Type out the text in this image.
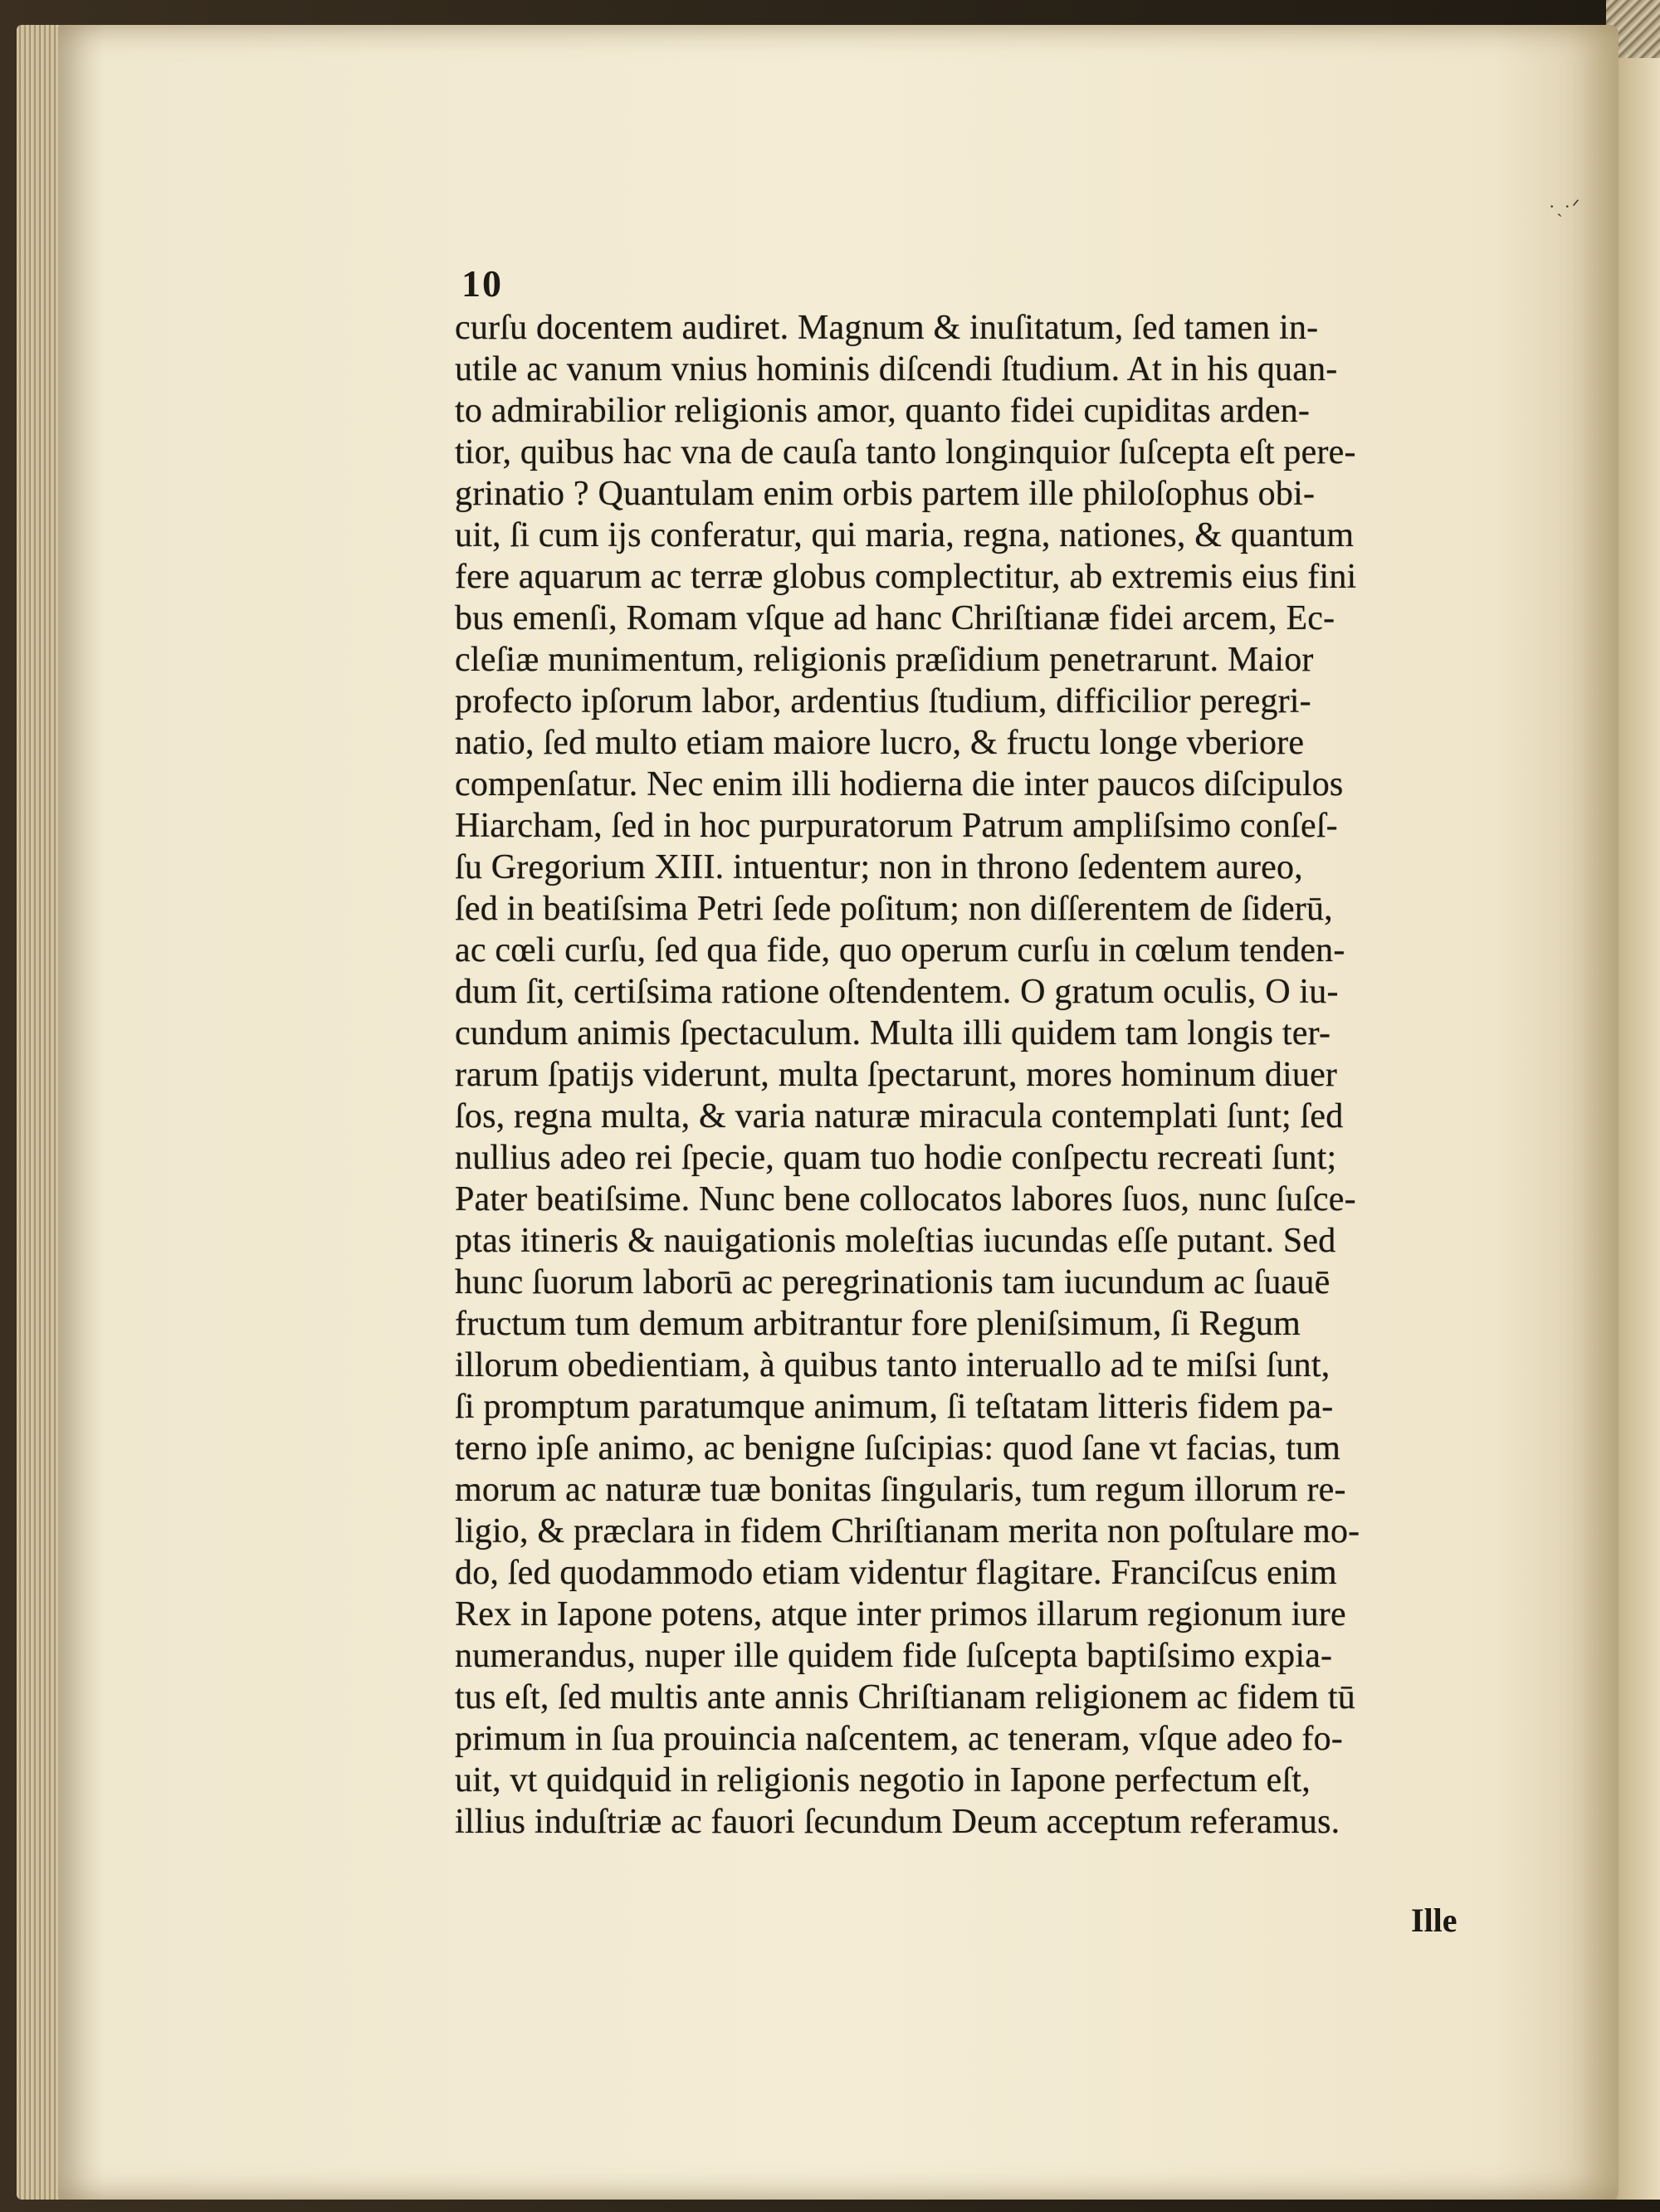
·ˏ·ᐟ
10
curſu docentem audiret. Magnum & inuſitatum, ſed tamen in-
utile ac vanum vnius hominis diſcendi ſtudium. At in his quan-
to admirabilior religionis amor, quanto fidei cupiditas arden-
tior, quibus hac vna de cauſa tanto longinquior ſuſcepta eſt pere-
grinatio ? Quantulam enim orbis partem ille philoſophus obi-
uit, ſi cum ijs conferatur, qui maria, regna, nationes, & quantum
fere aquarum ac terræ globus complectitur, ab extremis eius fini
bus emenſi, Romam vſque ad hanc Chriſtianæ fidei arcem, Ec-
cleſiæ munimentum, religionis præſidium penetrarunt. Maior
profecto ipſorum labor, ardentius ſtudium, difficilior peregri-
natio, ſed multo etiam maiore lucro, & fructu longe vberiore
compenſatur. Nec enim illi hodierna die inter paucos diſcipulos
Hiarcham, ſed in hoc purpuratorum Patrum ampliſsimo conſeſ-
ſu Gregorium XIII. intuentur; non in throno ſedentem aureo,
ſed in beatiſsima Petri ſede poſitum; non diſſerentem de ſiderū,
ac cœli curſu, ſed qua fide, quo operum curſu in cœlum tenden-
dum ſit, certiſsima ratione oſtendentem. O gratum oculis, O iu-
cundum animis ſpectaculum. Multa illi quidem tam longis ter-
rarum ſpatijs viderunt, multa ſpectarunt, mores hominum diuer
ſos, regna multa, & varia naturæ miracula contemplati ſunt; ſed
nullius adeo rei ſpecie, quam tuo hodie conſpectu recreati ſunt;
Pater beatiſsime. Nunc bene collocatos labores ſuos, nunc ſuſce-
ptas itineris & nauigationis moleſtias iucundas eſſe putant. Sed
hunc ſuorum laborū ac peregrinationis tam iucundum ac ſuauē
fructum tum demum arbitrantur fore pleniſsimum, ſi Regum
illorum obedientiam, à quibus tanto interuallo ad te miſsi ſunt,
ſi promptum paratumque animum, ſi teſtatam litteris fidem pa-
terno ipſe animo, ac benigne ſuſcipias: quod ſane vt facias, tum
morum ac naturæ tuæ bonitas ſingularis, tum regum illorum re-
ligio, & præclara in fidem Chriſtianam merita non poſtulare mo-
do, ſed quodammodo etiam videntur flagitare. Franciſcus enim
Rex in Iapone potens, atque inter primos illarum regionum iure
numerandus, nuper ille quidem fide ſuſcepta baptiſsimo expia-
tus eſt, ſed multis ante annis Chriſtianam religionem ac fidem tū
primum in ſua prouincia naſcentem, ac teneram, vſque adeo fo-
uit, vt quidquid in religionis negotio in Iapone perfectum eſt,
illius induſtriæ ac fauori ſecundum Deum acceptum referamus.
Ille
